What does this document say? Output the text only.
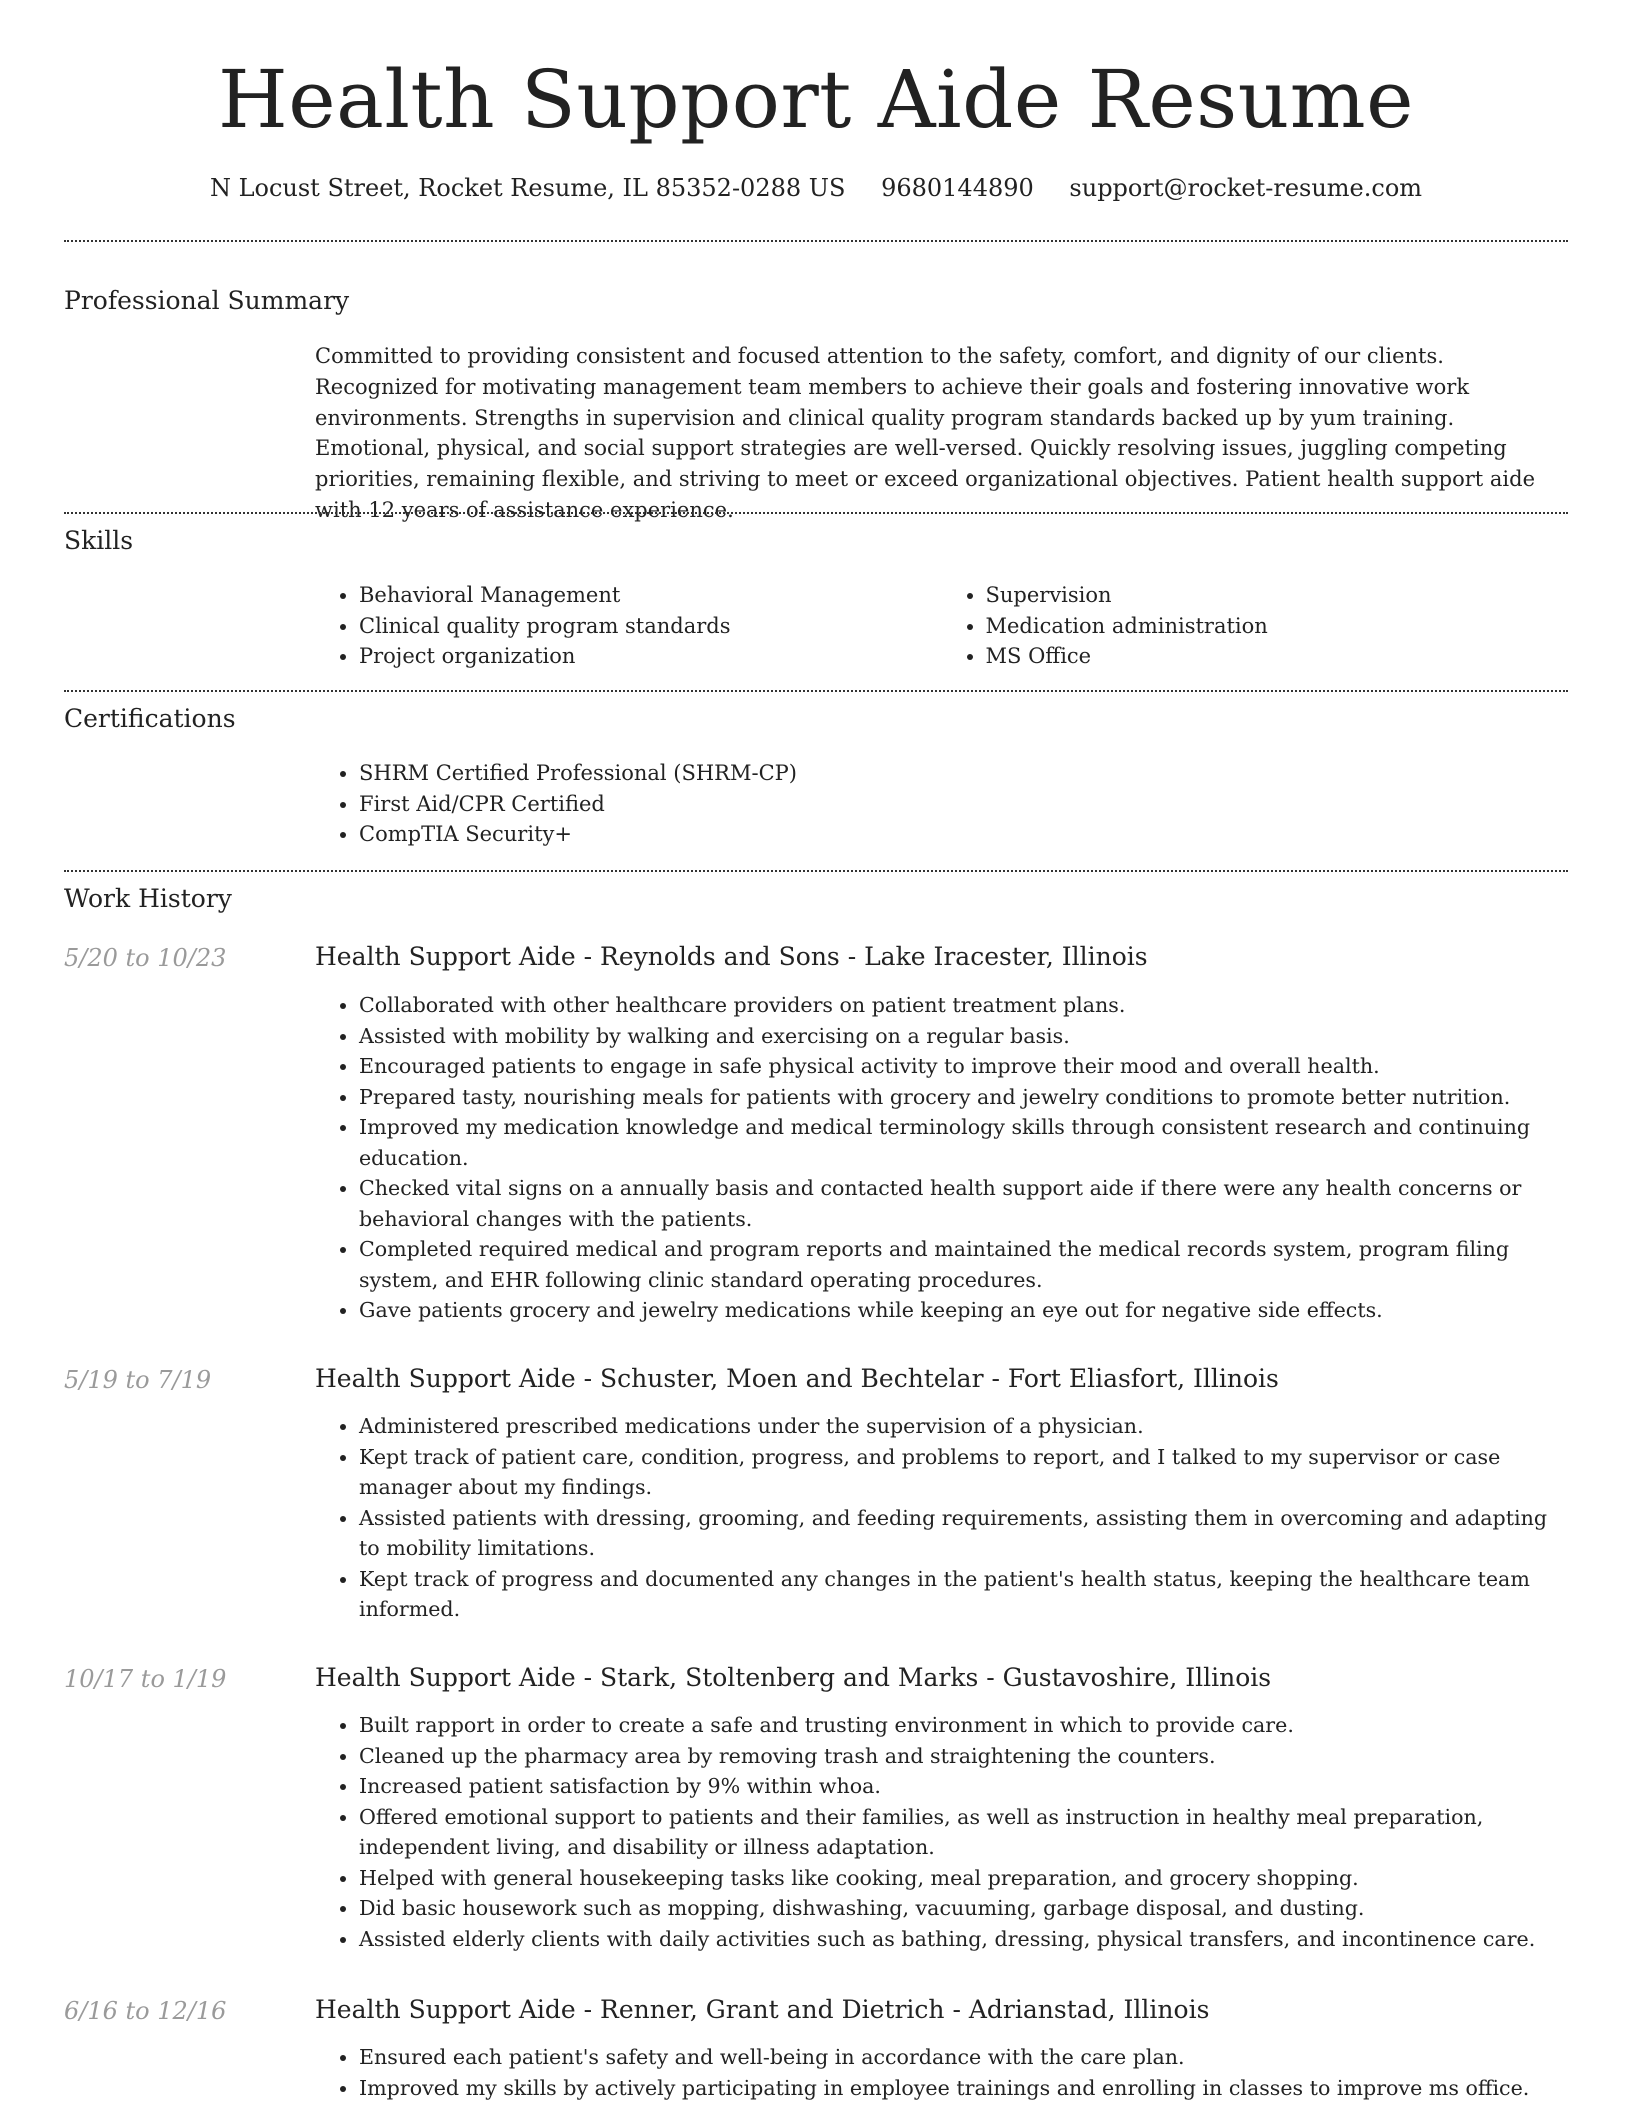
Health Support Aide Resume
N Locust Street, Rocket Resume, IL 85352-0288 US 9680144890 support@rocket-resume.com
Professional Summary

Committed to providing consistent and focused attention to the safety, comfort, and dignity of our clients. Recognized for motivating management team members to achieve their goals and fostering innovative work environments. Strengths in supervision and clinical quality program standards backed up by yum training. Emotional, physical, and social support strategies are well-versed. Quickly resolving issues, juggling competing priorities, remaining flexible, and striving to meet or exceed organizational objectives. Patient health support aide with 12 years of assistance experience.

Skills
• Behavioral Management
• Clinical quality program standards
• Project organization
• Supervision
• Medication administration
• MS Office
Certifications
• SHRM Certified Professional (SHRM-CP)
• First Aid/CPR Certified
• CompTIA Security+
Work History
5/20 to 10/23	Health Support Aide - Reynolds and Sons - Lake Iracester, Illinois
• Collaborated with other healthcare providers on patient treatment plans.
• Assisted with mobility by walking and exercising on a regular basis.
• Encouraged patients to engage in safe physical activity to improve their mood and overall health.
• Prepared tasty, nourishing meals for patients with grocery and jewelry conditions to promote better nutrition.
• Improved my medication knowledge and medical terminology skills through consistent research and continuing education.
• Checked vital signs on a annually basis and contacted health support aide if there were any health concerns or behavioral changes with the patients.
• Completed required medical and program reports and maintained the medical records system, program filing system, and EHR following clinic standard operating procedures.
• Gave patients grocery and jewelry medications while keeping an eye out for negative side effects.
5/19 to 7/19	Health Support Aide - Schuster, Moen and Bechtelar - Fort Eliasfort, Illinois
• Administered prescribed medications under the supervision of a physician.
• Kept track of patient care, condition, progress, and problems to report, and I talked to my supervisor or case manager about my findings.
• Assisted patients with dressing, grooming, and feeding requirements, assisting them in overcoming and adapting to mobility limitations.
• Kept track of progress and documented any changes in the patient's health status, keeping the healthcare team informed.
10/17 to 1/19	Health Support Aide - Stark, Stoltenberg and Marks - Gustavoshire, Illinois
• Built rapport in order to create a safe and trusting environment in which to provide care.
• Cleaned up the pharmacy area by removing trash and straightening the counters.
• Increased patient satisfaction by 9% within whoa.
• Offered emotional support to patients and their families, as well as instruction in healthy meal preparation, independent living, and disability or illness adaptation.
• Helped with general housekeeping tasks like cooking, meal preparation, and grocery shopping.
• Did basic housework such as mopping, dishwashing, vacuuming, garbage disposal, and dusting.
• Assisted elderly clients with daily activities such as bathing, dressing, physical transfers, and incontinence care.
6/16 to 12/16	Health Support Aide - Renner, Grant and Dietrich - Adrianstad, Illinois
• Ensured each patient's safety and well-being in accordance with the care plan.
• Improved my skills by actively participating in employee trainings and enrolling in classes to improve ms office.
